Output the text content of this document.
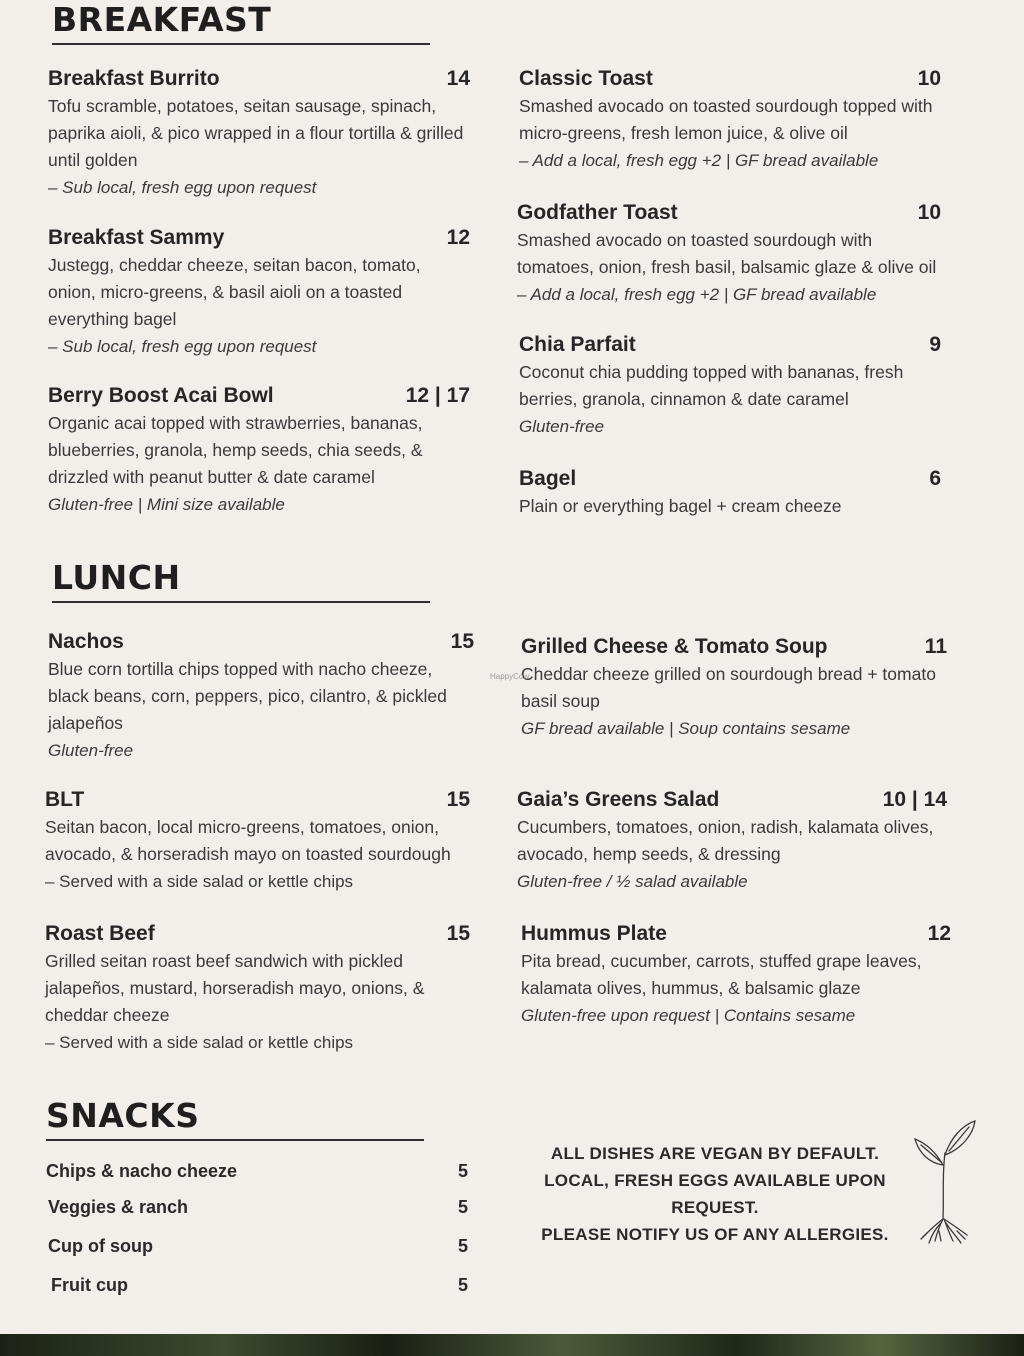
BREAKFAST
Breakfast Burrito	14
Tofu scramble, potatoes, seitan sausage, spinach, paprika aioli, & pico wrapped in a flour tortilla & grilled until golden
– Sub local, fresh egg upon request
Breakfast Sammy	12
Justegg, cheddar cheeze, seitan bacon, tomato, onion, micro-greens, & basil aioli on a toasted everything bagel
– Sub local, fresh egg upon request
Berry Boost Acai Bowl	12 | 17
Organic acai topped with strawberries, bananas, blueberries, granola, hemp seeds, chia seeds, & drizzled with peanut butter & date caramel
Gluten-free | Mini size available
Classic Toast	10
Smashed avocado on toasted sourdough topped with micro-greens, fresh lemon juice, & olive oil
– Add a local, fresh egg +2 | GF bread available
Godfather Toast	10
Smashed avocado on toasted sourdough with tomatoes, onion, fresh basil, balsamic glaze & olive oil
– Add a local, fresh egg +2 | GF bread available
Chia Parfait	9
Coconut chia pudding topped with bananas, fresh berries, granola, cinnamon & date caramel
Gluten-free
Bagel	6
Plain or everything bagel + cream cheeze
LUNCH
Nachos	15
Blue corn tortilla chips topped with nacho cheeze, black beans, corn, peppers, pico, cilantro, & pickled jalapeños
Gluten-free
BLT	15
Seitan bacon, local micro-greens, tomatoes, onion, avocado, & horseradish mayo on toasted sourdough
– Served with a side salad or kettle chips
Roast Beef	15
Grilled seitan roast beef sandwich with pickled jalapeños, mustard, horseradish mayo, onions, & cheddar cheeze
– Served with a side salad or kettle chips
Grilled Cheese & Tomato Soup	11
Cheddar cheeze grilled on sourdough bread + tomato basil soup
GF bread available | Soup contains sesame
Gaia’s Greens Salad	10 | 14
Cucumbers, tomatoes, onion, radish, kalamata olives, avocado, hemp seeds, & dressing
Gluten-free / ½ salad available
Hummus Plate	12
Pita bread, cucumber, carrots, stuffed grape leaves, kalamata olives, hummus, & balsamic glaze
Gluten-free upon request | Contains sesame
HappyCow
SNACKS
Chips & nacho cheeze	5
Veggies & ranch	5
Cup of soup	5
Fruit cup	5
ALL DISHES ARE VEGAN BY DEFAULT.
LOCAL, FRESH EGGS AVAILABLE UPON REQUEST.
PLEASE NOTIFY US OF ANY ALLERGIES.
